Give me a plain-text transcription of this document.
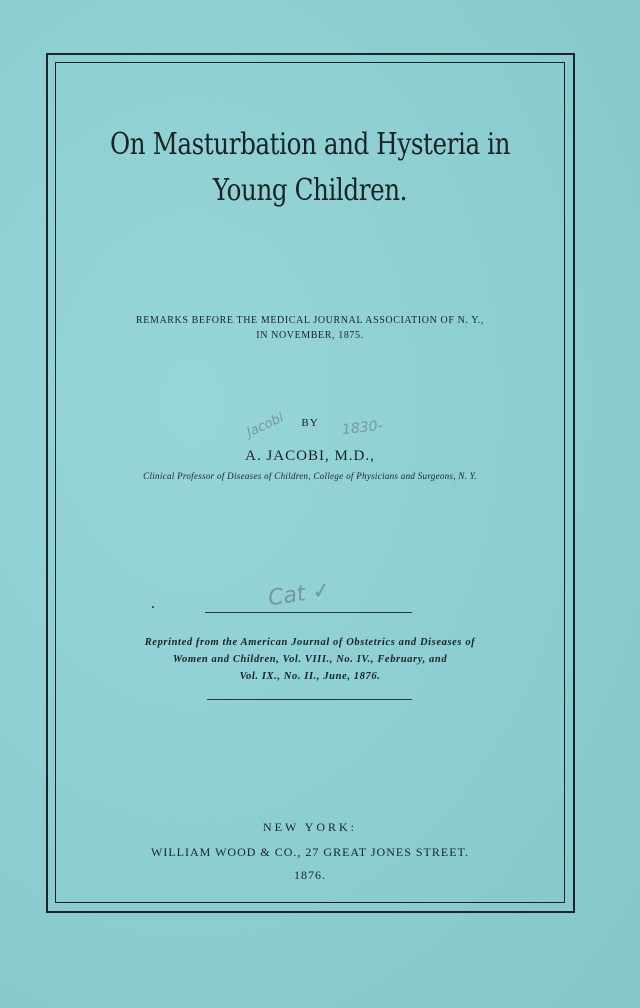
On Masturbation and Hysteria in
Young Children.
REMARKS BEFORE THE MEDICAL JOURNAL ASSOCIATION OF N. Y.,
IN NOVEMBER, 1875.
BY
A. JACOBI, M.D.,
Clinical Professor of Diseases of Children, College of Physicians and Surgeons, N. Y.
Jacobi	1830-
Cat ✓
Reprinted from the American Journal of Obstetrics and Diseases of
Women and Children, Vol. VIII., No. IV., February, and
Vol. IX., No. II., June, 1876.
NEW YORK:
WILLIAM WOOD & CO., 27 GREAT JONES STREET.
1876.
